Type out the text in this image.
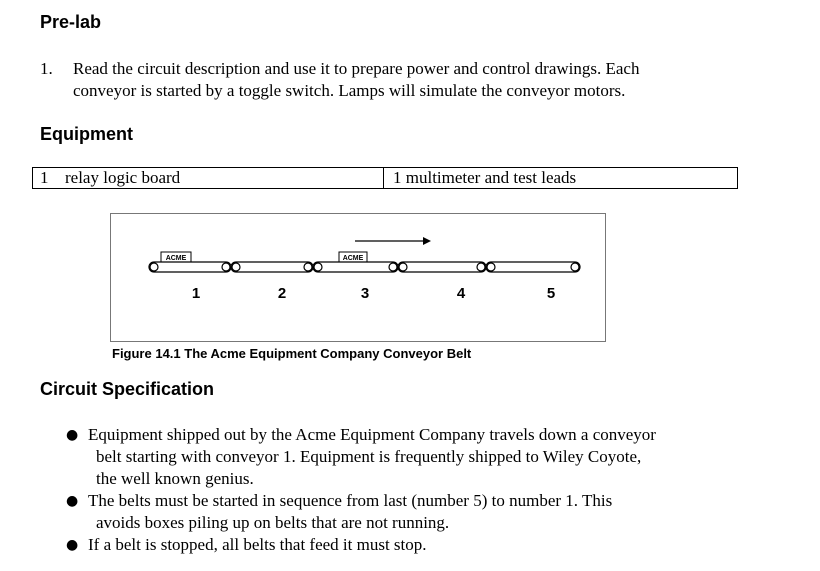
Pre-lab
1. Read the circuit description and use it to prepare power and control drawings. Each
conveyor is started by a toggle switch. Lamps will simulate the conveyor motors.
Equipment
1 relay logic board	1 multimeter and test leads
ACME	ACME
1	2	3	4	5
Figure 14.1 The Acme Equipment Company Conveyor Belt
Circuit Specification
● Equipment shipped out by the Acme Equipment Company travels down a conveyor
belt starting with conveyor 1. Equipment is frequently shipped to Wiley Coyote,
the well known genius.
● The belts must be started in sequence from last (number 5) to number 1. This
avoids boxes piling up on belts that are not running.
● If a belt is stopped, all belts that feed it must stop.
